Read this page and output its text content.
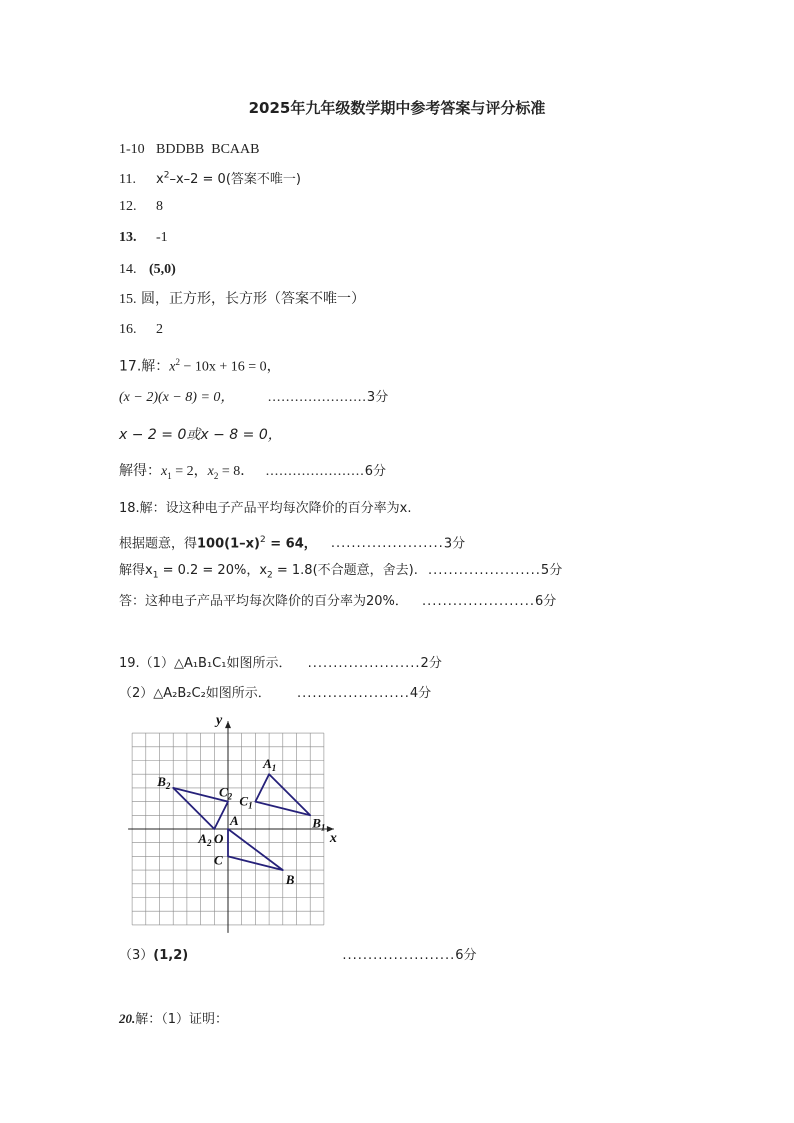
2025年九年级数学期中参考答案与评分标准
1-10 BDDBB  BCAAB
11. $x^2-x-2 = 0$(答案不唯一)
12. 8
13. -1
14. (5,0)
15. 圆，正方形，长方形（答案不唯一）
16. 2
17.解：$x^2 - 10x + 16 = 0$，
(x − 2)(x − 8) = 0， ......................3分
x − 2 = 0或x − 8 = 0，
解得：$x_1 = 2$，$x_2 = 8$． ......................6分
18.解：设这种电子产品平均每次降价的百分率为x.
根据题意，得$100(1-x)^2 = 64$， ......................3分
解得$x_1 = 0.2 = 20\%$，$x_2 = 1.8$(不合题意，舍去). ......................5分
答：这种电子产品平均每次降价的百分率为20%． ......................6分
19.（1）△A₁B₁C₁如图所示． ......................2分
（2）△A₂B₂C₂如图所示． ......................4分
x
y
O
A
B
C
$A_1$
$B_1$
$C_1$
$A_2$
$B_2$	$C_2$
（3）(1,2)	......................6分
20.解：（1）证明：
